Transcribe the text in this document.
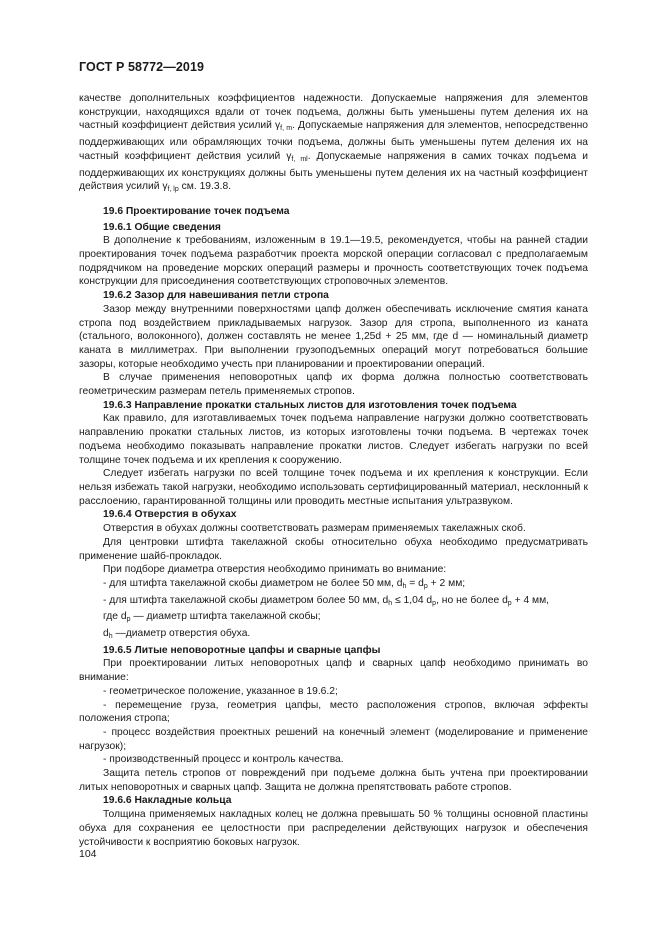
ГОСТ Р 58772—2019

качестве дополнительных коэффициентов надежности. Допускаемые напряжения для элементов конструкции, находящихся вдали от точек подъема, должны быть уменьшены путем деления их на частный коэффициент действия усилий $\gamma_{f, m}$. Допускаемые напряжения для элементов, непосредственно поддерживающих или обрамляющих точки подъема, должны быть уменьшены путем деления их на частный коэффициент действия усилий $\gamma_{f, ml}$. Допускаемые напряжения в самих точках подъема и поддерживающих их конструкциях должны быть уменьшены путем деления их на частный коэффициент действия усилий $\gamma_{f, lp}$ см. 19.3.8.

19.6 Проектирование точек подъема

19.6.1 Общие сведения

В дополнение к требованиям, изложенным в 19.1—19.5, рекомендуется, чтобы на ранней стадии проектирования точек подъема разработчик проекта морской операции согласовал с предполагаемым подрядчиком на проведение морских операций размеры и прочность соответствующих точек подъема конструкции для присоединения соответствующих строповочных элементов.

19.6.2 Зазор для навешивания петли стропа

Зазор между внутренними поверхностями цапф должен обеспечивать исключение смятия каната стропа под воздействием прикладываемых нагрузок. Зазор для стропа, выполненного из каната (стального, волоконного), должен составлять не менее 1,25d + 25 мм, где d — номинальный диаметр каната в миллиметрах. При выполнении грузоподъемных операций могут потребоваться большие зазоры, которые необходимо учесть при планировании и проектировании операций.

В случае применения неповоротных цапф их форма должна полностью соответствовать геометрическим размерам петель применяемых стропов.

19.6.3 Направление прокатки стальных листов для изготовления точек подъема

Как правило, для изготавливаемых точек подъема направление нагрузки должно соответствовать направлению прокатки стальных листов, из которых изготовлены точки подъема. В чертежах точек подъема необходимо показывать направление прокатки листов. Следует избегать нагрузки по всей толщине точек подъема и их крепления к сооружению.

Следует избегать нагрузки по всей толщине точек подъема и их крепления к конструкции. Если нельзя избежать такой нагрузки, необходимо использовать сертифицированный материал, несклонный к расслоению, гарантированной толщины или проводить местные испытания ультразвуком.

19.6.4 Отверстия в обухах

Отверстия в обухах должны соответствовать размерам применяемых такелажных скоб.

Для центровки штифта такелажной скобы относительно обуха необходимо предусматривать применение шайб-прокладок.

При подборе диаметра отверстия необходимо принимать во внимание:

- для штифта такелажной скобы диаметром не более 50 мм, $d_h = d_p + 2$ мм;

- для штифта такелажной скобы диаметром более 50 мм, $d_h \le 1,04$ $d_p$, но не более $d_p + 4$ мм,

где $d_p$ — диаметр штифта такелажной скобы;

$d_h$ —диаметр отверстия обуха.

19.6.5 Литые неповоротные цапфы и сварные цапфы

При проектировании литых неповоротных цапф и сварных цапф необходимо принимать во внимание:

- геометрическое положение, указанное в 19.6.2;

- перемещение груза, геометрия цапфы, место расположения стропов, включая эффекты положения стропа;

- процесс воздействия проектных решений на конечный элемент (моделирование и применение нагрузок);

- производственный процесс и контроль качества.

Защита петель стропов от повреждений при подъеме должна быть учтена при проектировании литых неповоротных и сварных цапф. Защита не должна препятствовать работе стропов.

19.6.6 Накладные кольца

Толщина применяемых накладных колец не должна превышать 50 % толщины основной пластины обуха для сохранения ее целостности при распределении действующих нагрузок и обеспечения устойчивости к восприятию боковых нагрузок.

104
